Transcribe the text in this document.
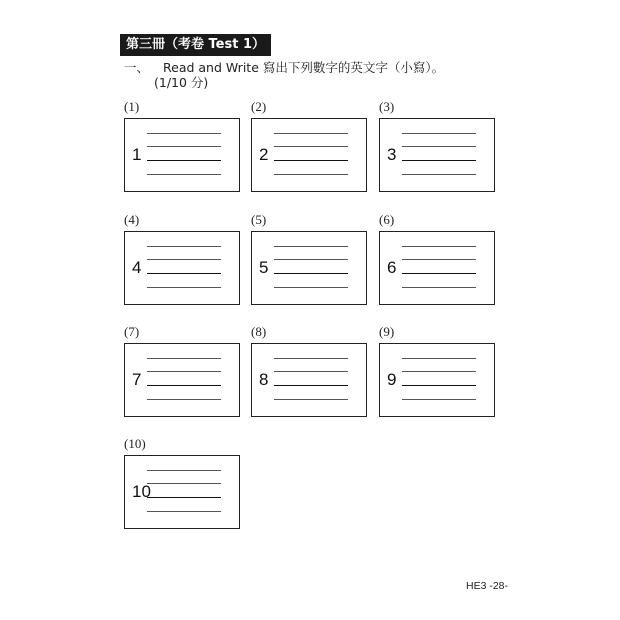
第三冊（考卷 Test 1）
一、 Read and Write 寫出下列數字的英文字（小寫）。
(1/10 分)
(1)
1
(2)
2
(3)
3
(4)
4
(5)
5
(6)
6
(7)
7
(8)
8
(9)
9
(10)
10
HE3 -28-
